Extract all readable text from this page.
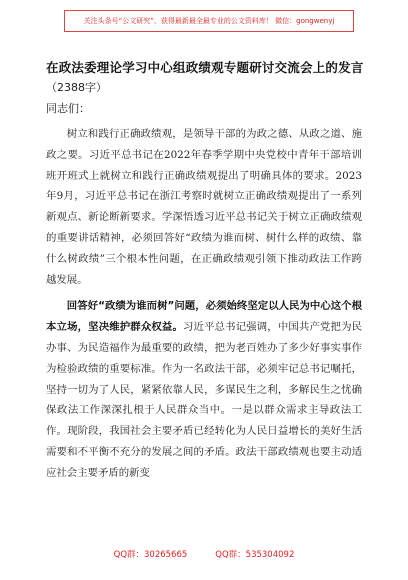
关注头条号“公文研究”，获得最新最全最专业的公文资料库！ 微信：gongwenyj
在政法委理论学习中心组政绩观专题研讨交流会上的发言
（2388字）
同志们：

树立和践行正确政绩观，是领导干部的为政之德、从政之道、施政之要。习近平总书记在2022年春季学期中央党校中青年干部培训班开班式上就树立和践行正确政绩观提出了明确具体的要求。2023年9月，习近平总书记在浙江考察时就树立正确政绩观提出了一系列新观点、新论断新要求。学深悟透习近平总书记关于树立正确政绩观的重要讲话精神，必须回答好“政绩为谁而树、树什么样的政绩、靠什么树政绩”三个根本性问题，在正确政绩观引领下推动政法工作跨越发展。

回答好“政绩为谁而树”问题，必须始终坚定以人民为中心这个根本立场，坚决维护群众权益。习近平总书记强调，中国共产党把为民办事、为民造福作为最重要的政绩，把为老百姓办了多少好事实事作为检验政绩的重要标准。作为一名政法干部，必须牢记总书记嘱托，坚持一切为了人民，紧紧依靠人民，多谋民生之利，多解民生之忧确保政法工作深深扎根于人民群众当中。一是以群众需求主导政法工作。现阶段，我国社会主要矛盾已经转化为人民日益增长的美好生活需要和不平衡不充分的发展之间的矛盾。政法干部政绩观也要主动适应社会主要矛盾的新变

QQ群：30265665	QQ群：535304092
